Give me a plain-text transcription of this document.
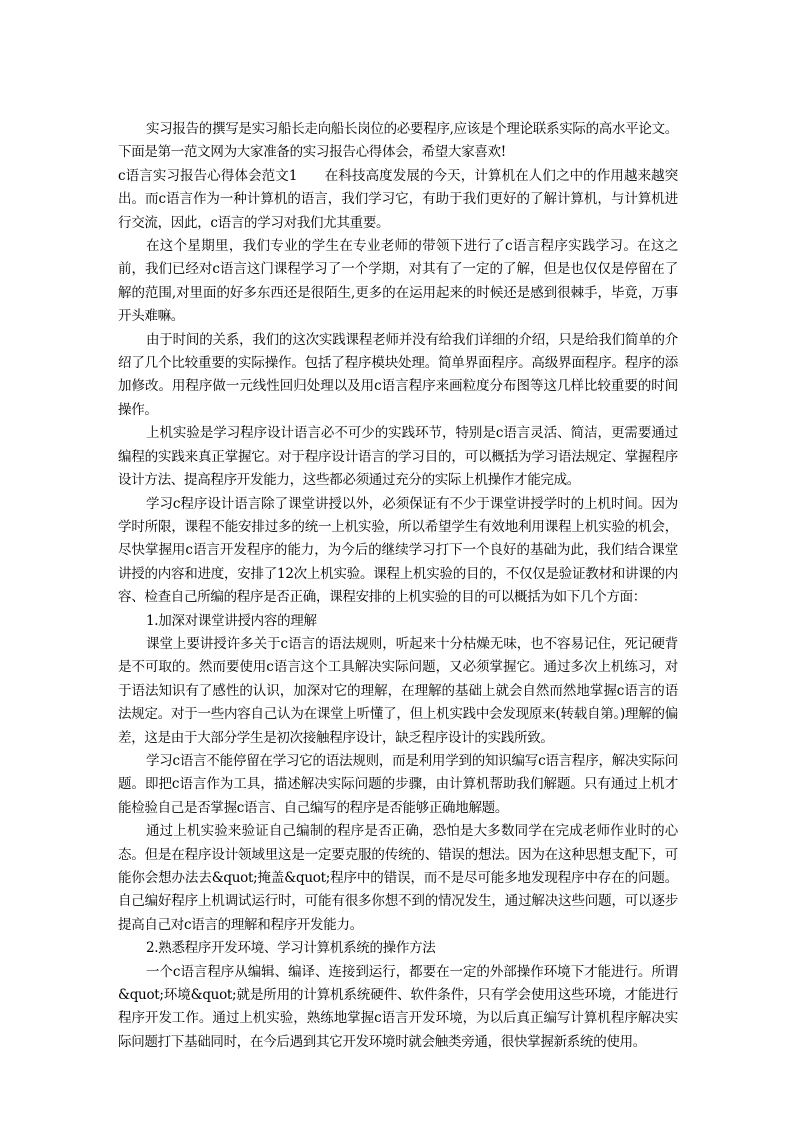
实习报告的撰写是实习船长走向船长岗位的必要程序,应该是个理论联系实际的高水平论文。下面是第一范文网为大家准备的实习报告心得体会，希望大家喜欢!

c语言实习报告心得体会范文1　　在科技高度发展的今天，计算机在人们之中的作用越来越突出。而c语言作为一种计算机的语言，我们学习它，有助于我们更好的了解计算机，与计算机进行交流，因此，c语言的学习对我们尤其重要。

在这个星期里，我们专业的学生在专业老师的带领下进行了c语言程序实践学习。在这之前，我们已经对c语言这门课程学习了一个学期，对其有了一定的了解，但是也仅仅是停留在了解的范围,对里面的好多东西还是很陌生,更多的在运用起来的时候还是感到很棘手，毕竟，万事开头难嘛。

由于时间的关系，我们的这次实践课程老师并没有给我们详细的介绍，只是给我们简单的介绍了几个比较重要的实际操作。包括了程序模块处理。简单界面程序。高级界面程序。程序的添加修改。用程序做一元线性回归处理以及用c语言程序来画粒度分布图等这几样比较重要的时间操作。

上机实验是学习程序设计语言必不可少的实践环节，特别是c语言灵活、简洁，更需要通过编程的实践来真正掌握它。对于程序设计语言的学习目的，可以概括为学习语法规定、掌握程序设计方法、提高程序开发能力，这些都必须通过充分的实际上机操作才能完成。

学习c程序设计语言除了课堂讲授以外，必须保证有不少于课堂讲授学时的上机时间。因为学时所限，课程不能安排过多的统一上机实验，所以希望学生有效地利用课程上机实验的机会，尽快掌握用c语言开发程序的能力，为今后的继续学习打下一个良好的基础为此，我们结合课堂讲授的内容和进度，安排了12次上机实验。课程上机实验的目的，不仅仅是验证教材和讲课的内容、检查自己所编的程序是否正确，课程安排的上机实验的目的可以概括为如下几个方面：

1.加深对课堂讲授内容的理解

课堂上要讲授许多关于c语言的语法规则，听起来十分枯燥无味，也不容易记住，死记硬背是不可取的。然而要使用c语言这个工具解决实际问题，又必须掌握它。通过多次上机练习，对于语法知识有了感性的认识，加深对它的理解，在理解的基础上就会自然而然地掌握c语言的语法规定。对于一些内容自己认为在课堂上听懂了，但上机实践中会发现原来(转载自第。)理解的偏差，这是由于大部分学生是初次接触程序设计，缺乏程序设计的实践所致。

学习c语言不能停留在学习它的语法规则，而是利用学到的知识编写c语言程序，解决实际问题。即把c语言作为工具，描述解决实际问题的步骤，由计算机帮助我们解题。只有通过上机才能检验自己是否掌握c语言、自己编写的程序是否能够正确地解题。

通过上机实验来验证自己编制的程序是否正确，恐怕是大多数同学在完成老师作业时的心态。但是在程序设计领域里这是一定要克服的传统的、错误的想法。因为在这种思想支配下，可能你会想办法去&quot;掩盖&quot;程序中的错误，而不是尽可能多地发现程序中存在的问题。自己编好程序上机调试运行时，可能有很多你想不到的情况发生，通过解决这些问题，可以逐步提高自己对c语言的理解和程序开发能力。

2.熟悉程序开发环境、学习计算机系统的操作方法

一个c语言程序从编辑、编译、连接到运行，都要在一定的外部操作环境下才能进行。所谓&quot;环境&quot;就是所用的计算机系统硬件、软件条件，只有学会使用这些环境，才能进行程序开发工作。通过上机实验，熟练地掌握c语言开发环境，为以后真正编写计算机程序解决实际问题打下基础同时，在今后遇到其它开发环境时就会触类旁通，很快掌握新系统的使用。
